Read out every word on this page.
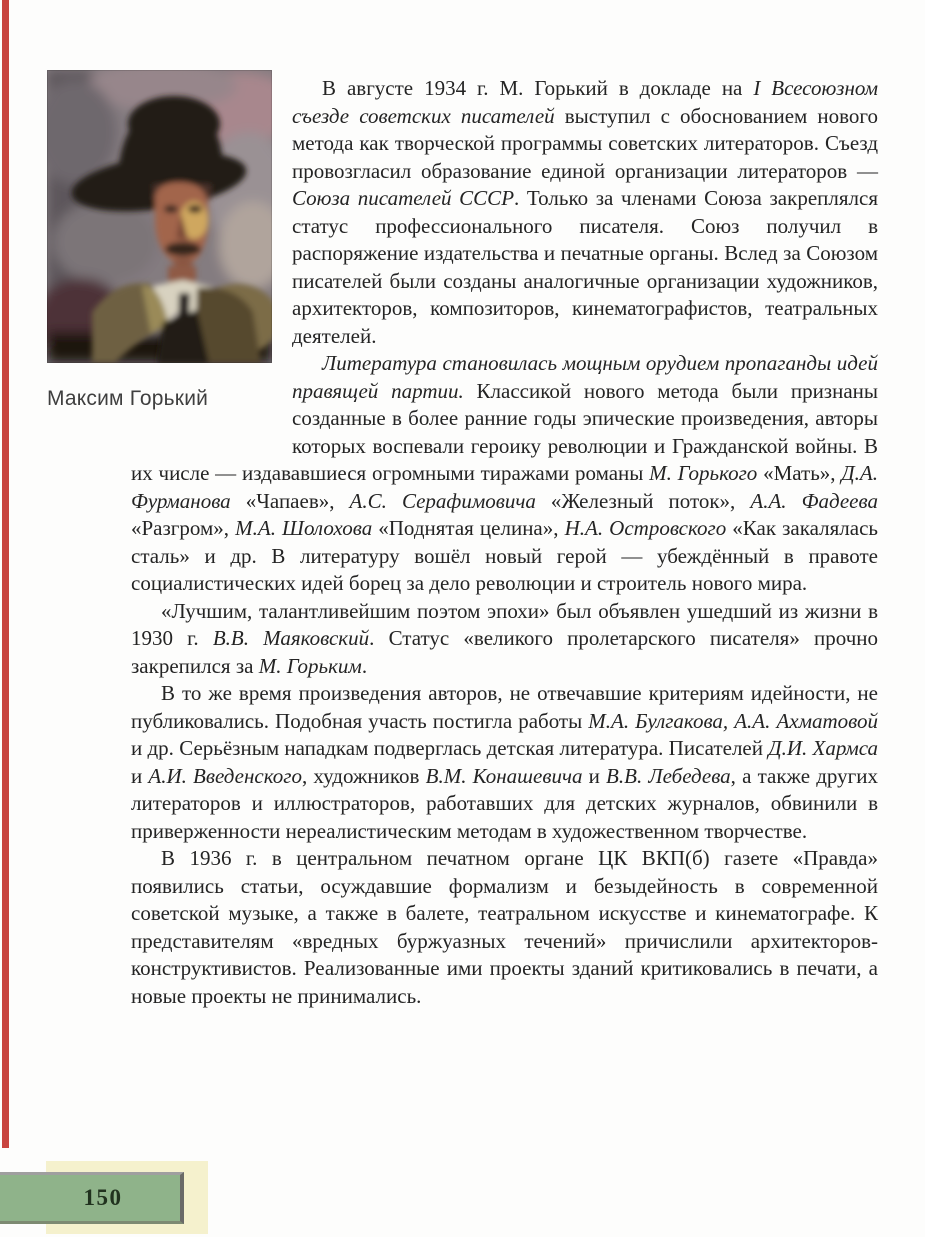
Максим Горький

В августе 1934 г. М. Горький в докладе на I Всесоюзном съезде советских писателей выступил с обоснованием нового метода как творческой программы советских литераторов. Съезд провозгласил образование единой организации литераторов — Союза писателей СССР. Только за членами Союза закреплялся статус профессионального писателя. Союз получил в распоряжение издательства и печатные органы. Вслед за Союзом писателей были созданы аналогичные организации художников, архитекторов, композиторов, кинематографистов, театральных деятелей.

Литература становилась мощным орудием пропаганды идей правящей партии. Классикой нового метода были признаны созданные в более ранние годы эпические произведения, авторы которых воспевали героику революции и Гражданской войны. В их числе — издававшиеся огромными тиражами романы М. Горького «Мать», Д.А. Фурманова «Чапаев», А.С. Серафимовича «Железный поток», А.А. Фадеева «Разгром», М.А. Шолохова «Поднятая целина», Н.А. Островского «Как закалялась сталь» и др. В литературу вошёл новый герой — убеждённый в правоте социалистических идей борец за дело революции и строитель нового мира.

«Лучшим, талантливейшим поэтом эпохи» был объявлен ушедший из жизни в 1930 г. В.В. Маяковский. Статус «великого пролетарского писателя» прочно закрепился за М. Горьким.

В то же время произведения авторов, не отвечавшие критериям идейности, не публиковались. Подобная участь постигла работы М.А. Булгакова, А.А. Ахматовой и др. Серьёзным нападкам подверглась детская литература. Писателей Д.И. Хармса и А.И. Введенского, художников В.М. Конашевича и В.В. Лебедева, а также других литераторов и иллюстраторов, работавших для детских журналов, обвинили в приверженности нереалистическим методам в художественном творчестве.

В 1936 г. в центральном печатном органе ЦК ВКП(б) газете «Правда» появились статьи, осуждавшие формализм и безыдейность в современной советской музыке, а также в балете, театральном искусстве и кинематографе. К представителям «вредных буржуазных течений» причислили архитекторов-конструктивистов. Реализованные ими проекты зданий критиковались в печати, а новые проекты не принимались.

150
